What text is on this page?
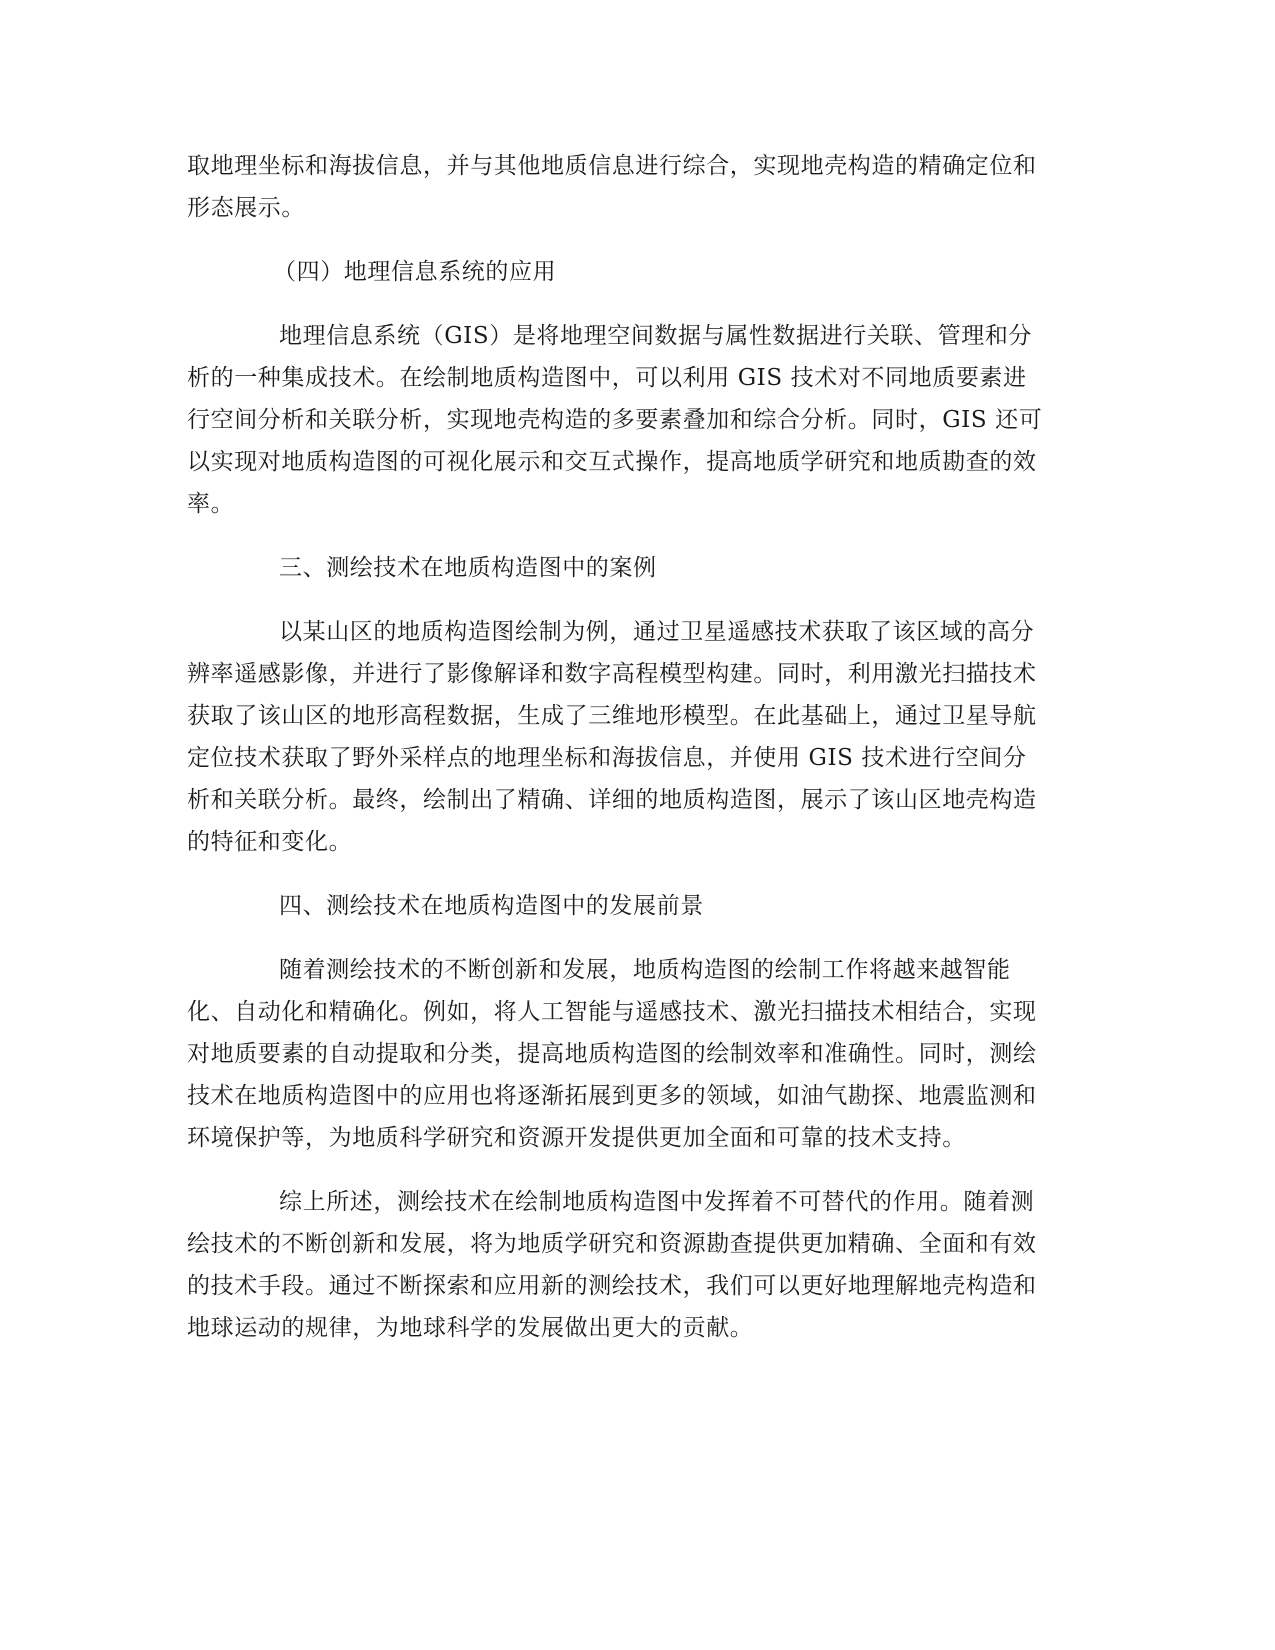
取地理坐标和海拔信息，并与其他地质信息进行综合，实现地壳构造的精确定位和
形态展示。
（四）地理信息系统的应用
地理信息系统（GIS）是将地理空间数据与属性数据进行关联、管理和分
析的一种集成技术。在绘制地质构造图中，可以利用 GIS 技术对不同地质要素进
行空间分析和关联分析，实现地壳构造的多要素叠加和综合分析。同时，GIS 还可
以实现对地质构造图的可视化展示和交互式操作，提高地质学研究和地质勘查的效
率。
三、测绘技术在地质构造图中的案例
以某山区的地质构造图绘制为例，通过卫星遥感技术获取了该区域的高分
辨率遥感影像，并进行了影像解译和数字高程模型构建。同时，利用激光扫描技术
获取了该山区的地形高程数据，生成了三维地形模型。在此基础上，通过卫星导航
定位技术获取了野外采样点的地理坐标和海拔信息，并使用 GIS 技术进行空间分
析和关联分析。最终，绘制出了精确、详细的地质构造图，展示了该山区地壳构造
的特征和变化。
四、测绘技术在地质构造图中的发展前景
随着测绘技术的不断创新和发展，地质构造图的绘制工作将越来越智能
化、自动化和精确化。例如，将人工智能与遥感技术、激光扫描技术相结合，实现
对地质要素的自动提取和分类，提高地质构造图的绘制效率和准确性。同时，测绘
技术在地质构造图中的应用也将逐渐拓展到更多的领域，如油气勘探、地震监测和
环境保护等，为地质科学研究和资源开发提供更加全面和可靠的技术支持。
综上所述，测绘技术在绘制地质构造图中发挥着不可替代的作用。随着测
绘技术的不断创新和发展，将为地质学研究和资源勘查提供更加精确、全面和有效
的技术手段。通过不断探索和应用新的测绘技术，我们可以更好地理解地壳构造和
地球运动的规律，为地球科学的发展做出更大的贡献。
